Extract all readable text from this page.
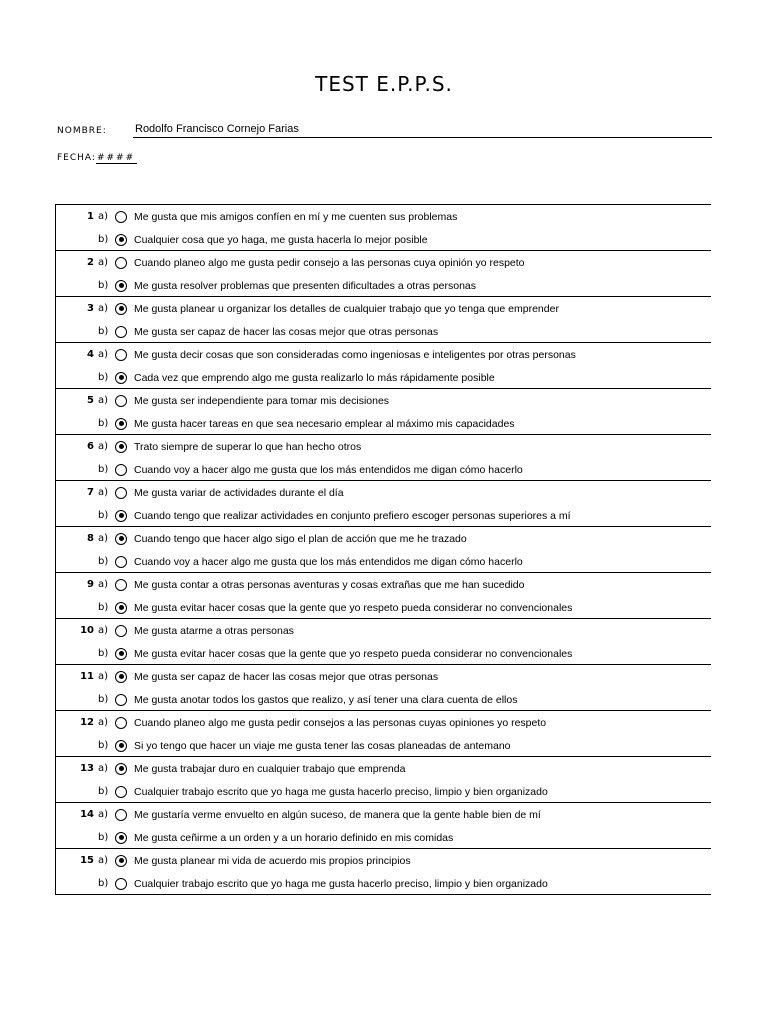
TEST E.P.P.S.
NOMBRE:	Rodolfo Francisco Cornejo Farias
FECHA:####
1 a) Me gusta que mis amigos confíen en mí y me cuenten sus problemas
b) Cualquier cosa que yo haga, me gusta hacerla lo mejor posible
2 a) Cuando planeo algo me gusta pedir consejo a las personas cuya opinión yo respeto
b) Me gusta resolver problemas que presenten dificultades a otras personas
3 a) Me gusta planear u organizar los detalles de cualquier trabajo que yo tenga que emprender
b) Me gusta ser capaz de hacer las cosas mejor que otras personas
4 a) Me gusta decir cosas que son consideradas como ingeniosas e inteligentes por otras personas
b) Cada vez que emprendo algo me gusta realizarlo lo más rápidamente posible
5 a) Me gusta ser independiente para tomar mis decisiones
b) Me gusta hacer tareas en que sea necesario emplear al máximo mis capacidades
6 a) Trato siempre de superar lo que han hecho otros
b) Cuando voy a hacer algo me gusta que los más entendidos me digan cómo hacerlo
7 a) Me gusta variar de actividades durante el día
b) Cuando tengo que realizar actividades en conjunto prefiero escoger personas superiores a mí
8 a) Cuando tengo que hacer algo sigo el plan de acción que me he trazado
b) Cuando voy a hacer algo me gusta que los más entendidos me digan cómo hacerlo
9 a) Me gusta contar a otras personas aventuras y cosas extrañas que me han sucedido
b) Me gusta evitar hacer cosas que la gente que yo respeto pueda considerar no convencionales
10 a) Me gusta atarme a otras personas
b) Me gusta evitar hacer cosas que la gente que yo respeto pueda considerar no convencionales
11 a) Me gusta ser capaz de hacer las cosas mejor que otras personas
b) Me gusta anotar todos los gastos que realizo, y así tener una clara cuenta de ellos
12 a) Cuando planeo algo me gusta pedir consejos a las personas cuyas opiniones yo respeto
b) Si yo tengo que hacer un viaje me gusta tener las cosas planeadas de antemano
13 a) Me gusta trabajar duro en cualquier trabajo que emprenda
b) Cualquier trabajo escrito que yo haga me gusta hacerlo preciso, limpio y bien organizado
14 a) Me gustaría verme envuelto en algún suceso, de manera que la gente hable bien de mí
b) Me gusta ceñirme a un orden y a un horario definido en mis comidas
15 a) Me gusta planear mi vida de acuerdo mis propios principios
b) Cualquier trabajo escrito que yo haga me gusta hacerlo preciso, limpio y bien organizado
